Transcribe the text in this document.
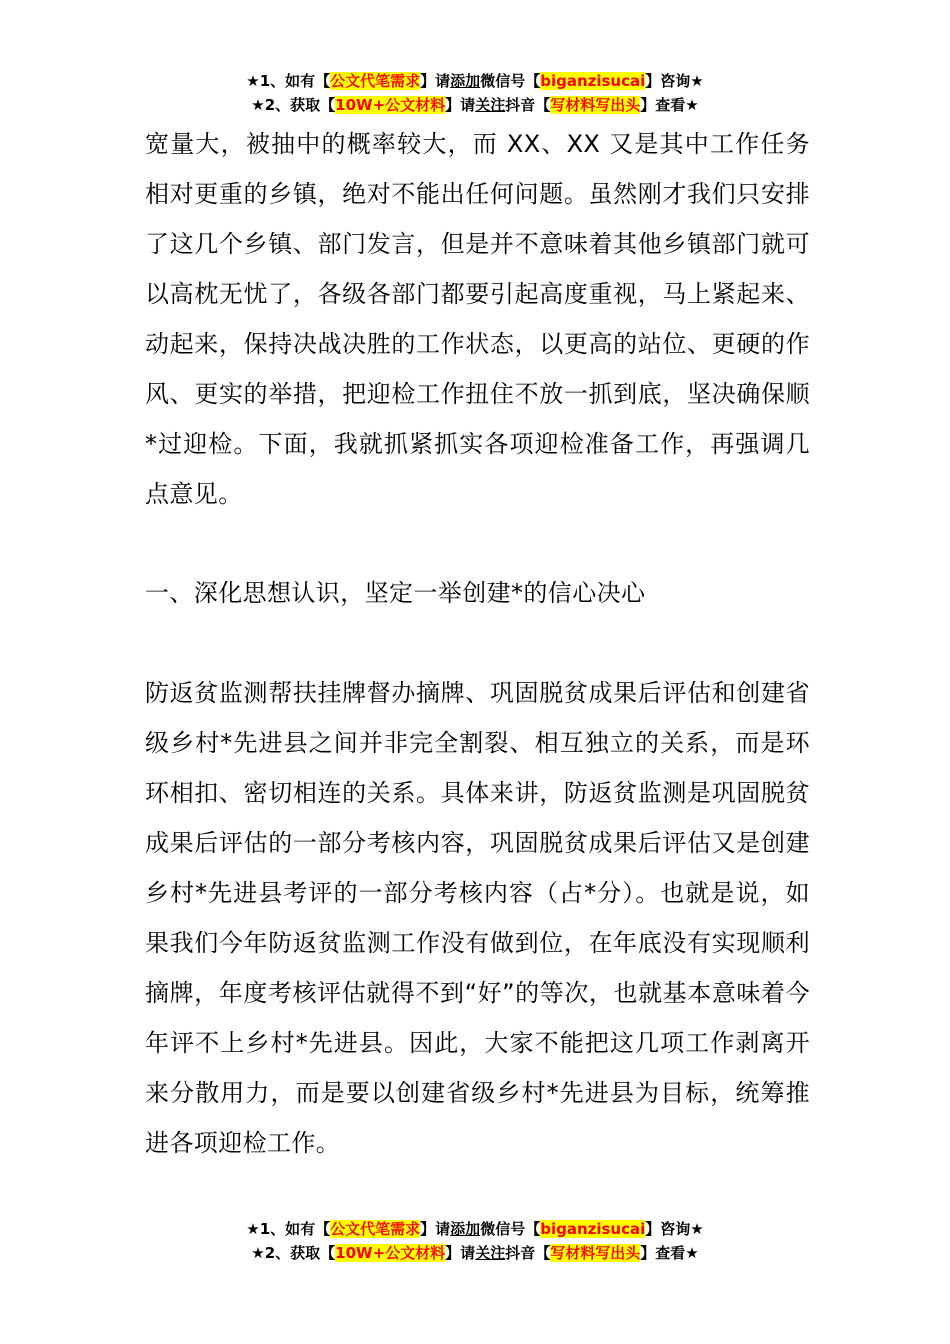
★1、如有【公文代笔需求】请添加微信号【biganzisucai】咨询★
★2、获取【10W+公文材料】请关注抖音【写材料写出头】查看★

宽量大，被抽中的概率较大，而 XX、XX 又是其中工作任务相对更重的乡镇，绝对不能出任何问题。虽然刚才我们只安排了这几个乡镇、部门发言，但是并不意味着其他乡镇部门就可以高枕无忧了，各级各部门都要引起高度重视，马上紧起来、动起来，保持决战决胜的工作状态，以更高的站位、更硬的作风、更实的举措，把迎检工作扭住不放一抓到底，坚决确保顺*过迎检。下面，我就抓紧抓实各项迎检准备工作，再强调几点意见。

一、深化思想认识，坚定一举创建*的信心决心

防返贫监测帮扶挂牌督办摘牌、巩固脱贫成果后评估和创建省级乡村*先进县之间并非完全割裂、相互独立的关系，而是环环相扣、密切相连的关系。具体来讲，防返贫监测是巩固脱贫成果后评估的一部分考核内容，巩固脱贫成果后评估又是创建乡村*先进县考评的一部分考核内容（占*分）。也就是说，如果我们今年防返贫监测工作没有做到位，在年底没有实现顺利摘牌，年度考核评估就得不到“好”的等次，也就基本意味着今年评不上乡村*先进县。因此，大家不能把这几项工作剥离开来分散用力，而是要以创建省级乡村*先进县为目标，统筹推进各项迎检工作。

★1、如有【公文代笔需求】请添加微信号【biganzisucai】咨询★
★2、获取【10W+公文材料】请关注抖音【写材料写出头】查看★
